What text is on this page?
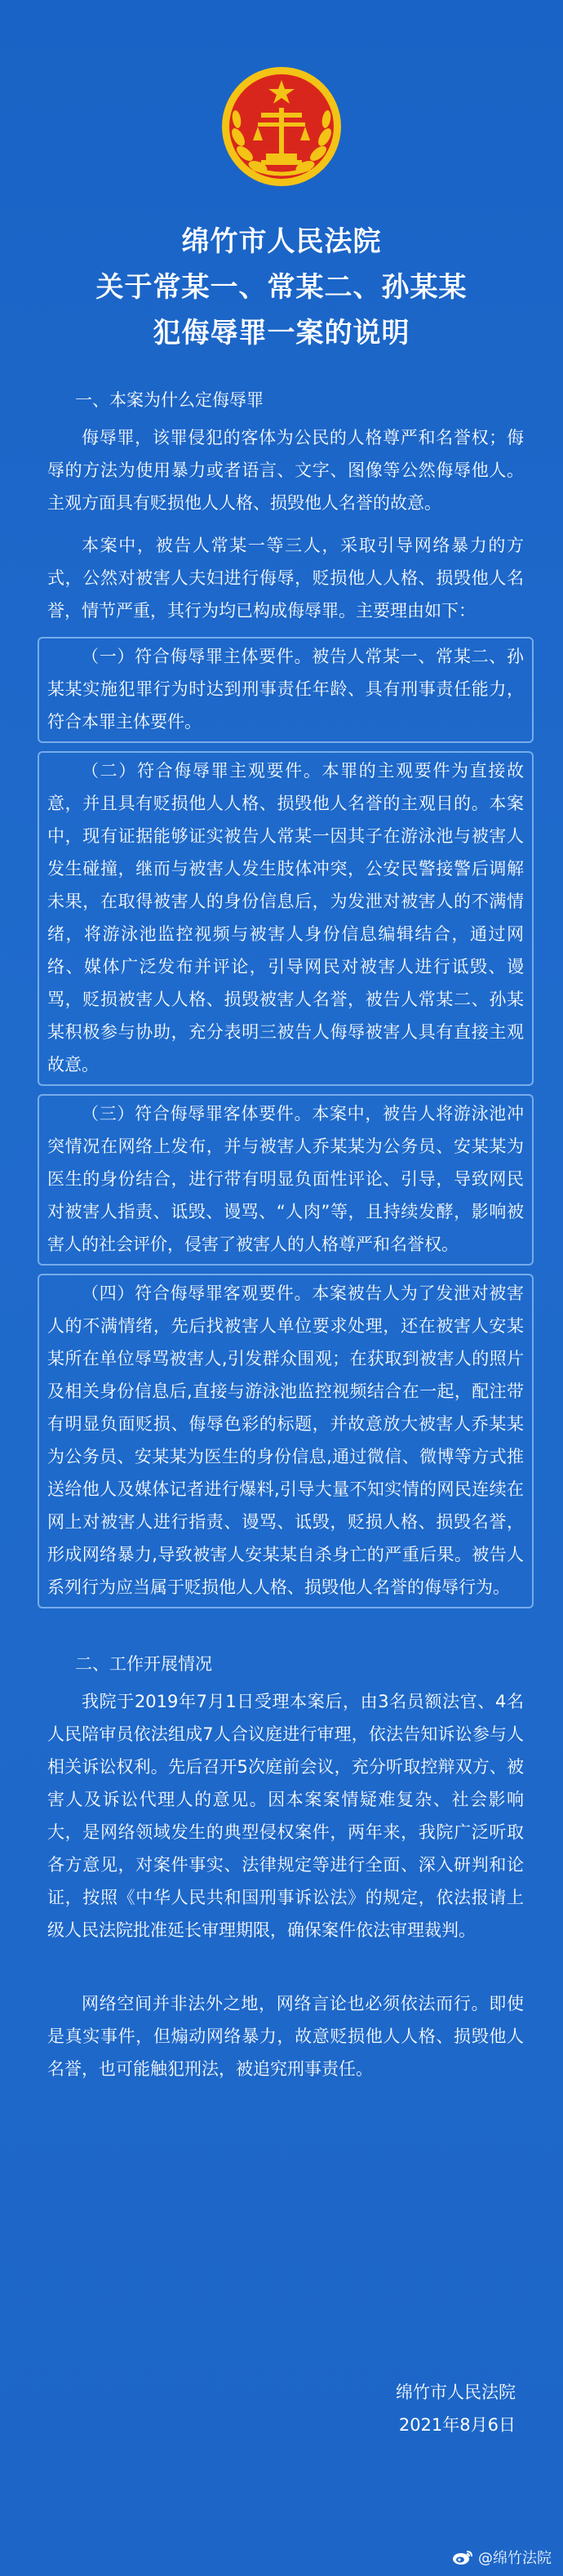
绵竹市人民法院

关于常某一、常某二、孙某某

犯侮辱罪一案的说明

一、本案为什么定侮辱罪

侮辱罪，该罪侵犯的客体为公民的人格尊严和名誉权；侮辱的方法为使用暴力或者语言、文字、图像等公然侮辱他人。主观方面具有贬损他人人格、损毁他人名誉的故意。

本案中，被告人常某一等三人，采取引导网络暴力的方式，公然对被害人夫妇进行侮辱，贬损他人人格、损毁他人名誉，情节严重，其行为均已构成侮辱罪。主要理由如下：

（一）符合侮辱罪主体要件。被告人常某一、常某二、孙某某实施犯罪行为时达到刑事责任年龄、具有刑事责任能力，符合本罪主体要件。

（二）符合侮辱罪主观要件。本罪的主观要件为直接故意，并且具有贬损他人人格、损毁他人名誉的主观目的。本案中，现有证据能够证实被告人常某一因其子在游泳池与被害人发生碰撞，继而与被害人发生肢体冲突，公安民警接警后调解未果，在取得被害人的身份信息后，为发泄对被害人的不满情绪，将游泳池监控视频与被害人身份信息编辑结合，通过网络、媒体广泛发布并评论，引导网民对被害人进行诋毁、谩骂，贬损被害人人格、损毁被害人名誉，被告人常某二、孙某某积极参与协助，充分表明三被告人侮辱被害人具有直接主观故意。

（三）符合侮辱罪客体要件。本案中，被告人将游泳池冲突情况在网络上发布，并与被害人乔某某为公务员、安某某为医生的身份结合，进行带有明显负面性评论、引导，导致网民对被害人指责、诋毁、谩骂、“人肉”等，且持续发酵，影响被害人的社会评价，侵害了被害人的人格尊严和名誉权。

（四）符合侮辱罪客观要件。本案被告人为了发泄对被害人的不满情绪，先后找被害人单位要求处理，还在被害人安某某所在单位辱骂被害人,引发群众围观；在获取到被害人的照片及相关身份信息后,直接与游泳池监控视频结合在一起，配注带有明显负面贬损、侮辱色彩的标题，并故意放大被害人乔某某为公务员、安某某为医生的身份信息,通过微信、微博等方式推送给他人及媒体记者进行爆料,引导大量不知实情的网民连续在网上对被害人进行指责、谩骂、诋毁，贬损人格、损毁名誉，形成网络暴力,导致被害人安某某自杀身亡的严重后果。被告人系列行为应当属于贬损他人人格、损毁他人名誉的侮辱行为。

二、工作开展情况

我院于2019年7月1日受理本案后，由3名员额法官、4名人民陪审员依法组成7人合议庭进行审理，依法告知诉讼参与人相关诉讼权利。先后召开5次庭前会议，充分听取控辩双方、被害人及诉讼代理人的意见。因本案案情疑难复杂、社会影响大，是网络领域发生的典型侵权案件，两年来，我院广泛听取各方意见，对案件事实、法律规定等进行全面、深入研判和论证，按照《中华人民共和国刑事诉讼法》的规定，依法报请上级人民法院批准延长审理期限，确保案件依法审理裁判。

网络空间并非法外之地，网络言论也必须依法而行。即使是真实事件，但煽动网络暴力，故意贬损他人人格、损毁他人名誉，也可能触犯刑法，被追究刑事责任。

绵竹市人民法院
2021年8月6日
@绵竹法院
